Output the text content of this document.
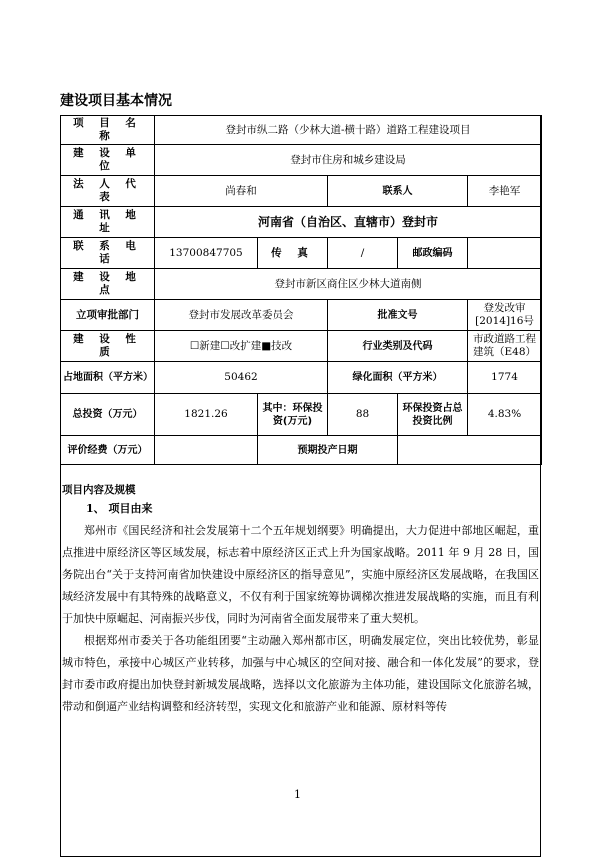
建设项目基本情况
项 目 名 称	登封市纵二路（少林大道-横十路）道路工程建设项目				
建 设 单 位	登封市住房和城乡建设局				
法 人 代 表	尚春和		联系人		李艳军
通 讯 地 址	河南省（自治区、直辖市）登封市				
联 系 电 话	13700847705	传 真	/	邮政编码	
建 设 地 点	登封市新区商住区少林大道南侧				
立项审批部门	登封市发展改革委员会		批准文号		登发改审[2014]16号
建 设 性 质	☐新建☐改扩建■技改		行业类别及代码		市政道路工程建筑（E48）
占地面积（平方米）	50462		绿化面积（平方米）		1774
总投资（万元）	1821.26	其中：环保投资(万元)	88	环保投资占总投资比例	4.83%
评价经费（万元）		预期投产日期			
项目内容及规模
1、 项目由来

郑州市《国民经济和社会发展第十二个五年规划纲要》明确提出，大力促进中部地区崛起，重点推进中原经济区等区域发展，标志着中原经济区正式上升为国家战略。2011 年 9 月 28 日，国务院出台“关于支持河南省加快建设中原经济区的指导意见”，实施中原经济区发展战略，在我国区域经济发展中有其特殊的战略意义，不仅有利于国家统筹协调梯次推进发展战略的实施，而且有利于加快中原崛起、河南振兴步伐，同时为河南省全面发展带来了重大契机。

根据郑州市委关于各功能组团要“主动融入郑州都市区，明确发展定位，突出比较优势，彰显城市特色，承接中心城区产业转移，加强与中心城区的空间对接、融合和一体化发展”的要求，登封市委市政府提出加快登封新城发展战略，选择以文化旅游为主体功能，建设国际文化旅游名城，带动和倒逼产业结构调整和经济转型，实现文化和旅游产业和能源、原材料等传

1
